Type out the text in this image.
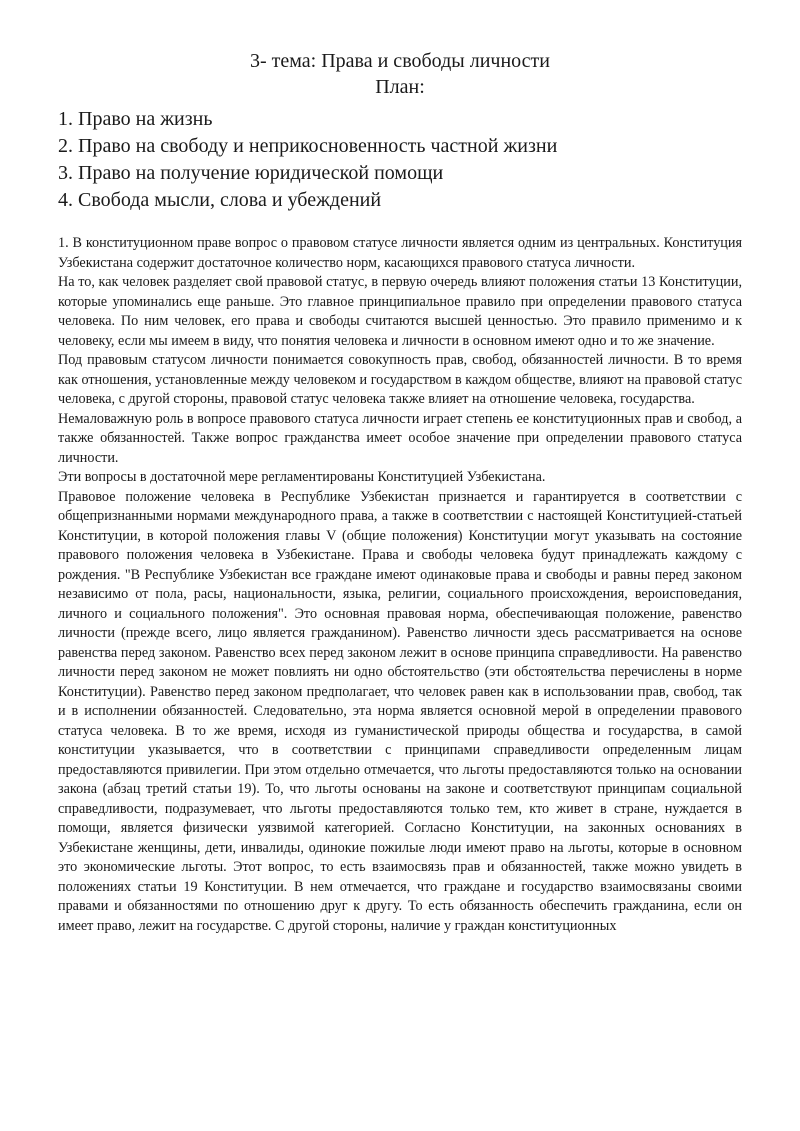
3- тема: Права и свободы личности
План:
1. Право на жизнь
2. Право на свободу и неприкосновенность частной жизни
3. Право на получение юридической помощи
4. Свобода мысли, слова и убеждений

1. В конституционном праве вопрос о правовом статусе личности является одним из центральных. Конституция Узбекистана содержит достаточное количество норм, касающихся правового статуса личности.

На то, как человек разделяет свой правовой статус, в первую очередь влияют положения статьи 13 Конституции, которые упоминались еще раньше. Это главное принципиальное правило при определении правового статуса человека. По ним человек, его права и свободы считаются высшей ценностью. Это правило применимо и к человеку, если мы имеем в виду, что понятия человека и личности в основном имеют одно и то же значение.

Под правовым статусом личности понимается совокупность прав, свобод, обязанностей личности. В то время как отношения, установленные между человеком и государством в каждом обществе, влияют на правовой статус человека, с другой стороны, правовой статус человека также влияет на отношение человека, государства.

Немаловажную роль в вопросе правового статуса личности играет степень ее конституционных прав и свобод, а также обязанностей. Также вопрос гражданства имеет особое значение при определении правового статуса личности.

Эти вопросы в достаточной мере регламентированы Конституцией Узбекистана.

Правовое положение человека в Республике Узбекистан признается и гарантируется в соответствии с общепризнанными нормами международного права, а также в соответствии с настоящей Конституцией-статьей Конституции, в которой положения главы V (общие положения) Конституции могут указывать на состояние правового положения человека в Узбекистане. Права и свободы человека будут принадлежать каждому с рождения. "В Республике Узбекистан все граждане имеют одинаковые права и свободы и равны перед законом независимо от пола, расы, национальности, языка, религии, социального происхождения, вероисповедания, личного и социального положения". Это основная правовая норма, обеспечивающая положение, равенство личности (прежде всего, лицо является гражданином). Равенство личности здесь рассматривается на основе равенства перед законом. Равенство всех перед законом лежит в основе принципа справедливости. На равенство личности перед законом не может повлиять ни одно обстоятельство (эти обстоятельства перечислены в норме Конституции). Равенство перед законом предполагает, что человек равен как в использовании прав, свобод, так и в исполнении обязанностей. Следовательно, эта норма является основной мерой в определении правового статуса человека. В то же время, исходя из гуманистической природы общества и государства, в самой конституции указывается, что в соответствии с принципами справедливости определенным лицам предоставляются привилегии. При этом отдельно отмечается, что льготы предоставляются только на основании закона (абзац третий статьи 19). То, что льготы основаны на законе и соответствуют принципам социальной справедливости, подразумевает, что льготы предоставляются только тем, кто живет в стране, нуждается в помощи, является физически уязвимой категорией. Согласно Конституции, на законных основаниях в Узбекистане женщины, дети, инвалиды, одинокие пожилые люди имеют право на льготы, которые в основном это экономические льготы. Этот вопрос, то есть взаимосвязь прав и обязанностей, также можно увидеть в положениях статьи 19 Конституции. В нем отмечается, что граждане и государство взаимосвязаны своими правами и обязанностями по отношению друг к другу. То есть обязанность обеспечить гражданина, если он имеет право, лежит на государстве. С другой стороны, наличие у граждан конституционных
